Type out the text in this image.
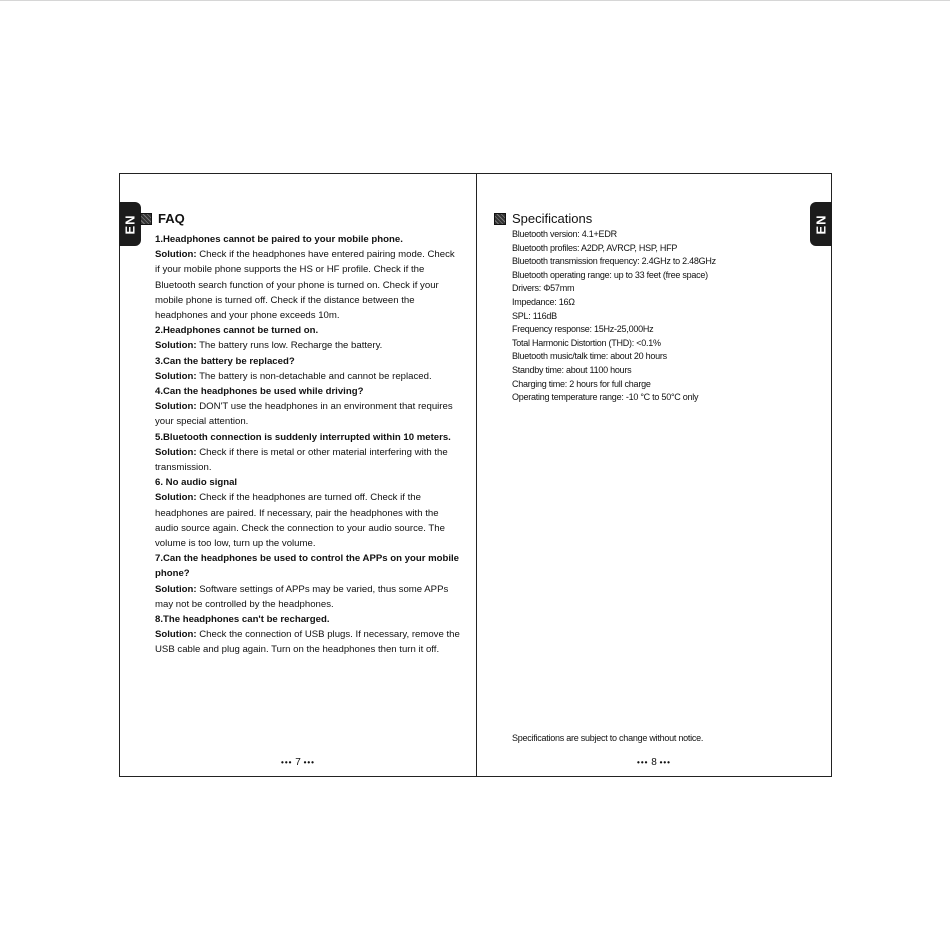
EN FAQ

1.Headphones cannot be paired to your mobile phone.

Solution: Check if the headphones have entered pairing mode. Check if your mobile phone supports the HS or HF profile. Check if the Bluetooth search function of your phone is turned on. Check if your mobile phone is turned off. Check if the distance between the headphones and your phone exceeds 10m.

2.Headphones cannot be turned on.

Solution: The battery runs low. Recharge the battery.

3.Can the battery be replaced?

Solution: The battery is non-detachable and cannot be replaced.

4.Can the headphones be used while driving?

Solution: DON'T use the headphones in an environment that requires your special attention.

5.Bluetooth connection is suddenly interrupted within 10 meters.

Solution: Check if there is metal or other material interfering with the transmission.

6. No audio signal

Solution: Check if the headphones are turned off. Check if the headphones are paired. If necessary, pair the headphones with the audio source again. Check the connection to your audio source. The volume is too low, turn up the volume.

7.Can the headphones be used to control the APPs on your mobile phone?

Solution: Software settings of APPs may be varied, thus some APPs may not be controlled by the headphones.

8.The headphones can't be recharged.

Solution: Check the connection of USB plugs. If necessary, remove the USB cable and plug again. Turn on the headphones then turn it off.

••• 7 •••
EN
Specifications
Bluetooth version: 4.1+EDR
Bluetooth profiles: A2DP, AVRCP, HSP, HFP
Bluetooth transmission frequency: 2.4GHz to 2.48GHz
Bluetooth operating range: up to 33 feet (free space)
Drivers: Φ57mm
Impedance: 16Ω
SPL: 116dB
Frequency response: 15Hz-25,000Hz
Total Harmonic Distortion (THD): <0.1%
Bluetooth music/talk time: about 20 hours
Standby time: about 1100 hours
Charging time: 2 hours for full charge
Operating temperature range: -10 °C to 50°C only
Specifications are subject to change without notice.
••• 8 •••
